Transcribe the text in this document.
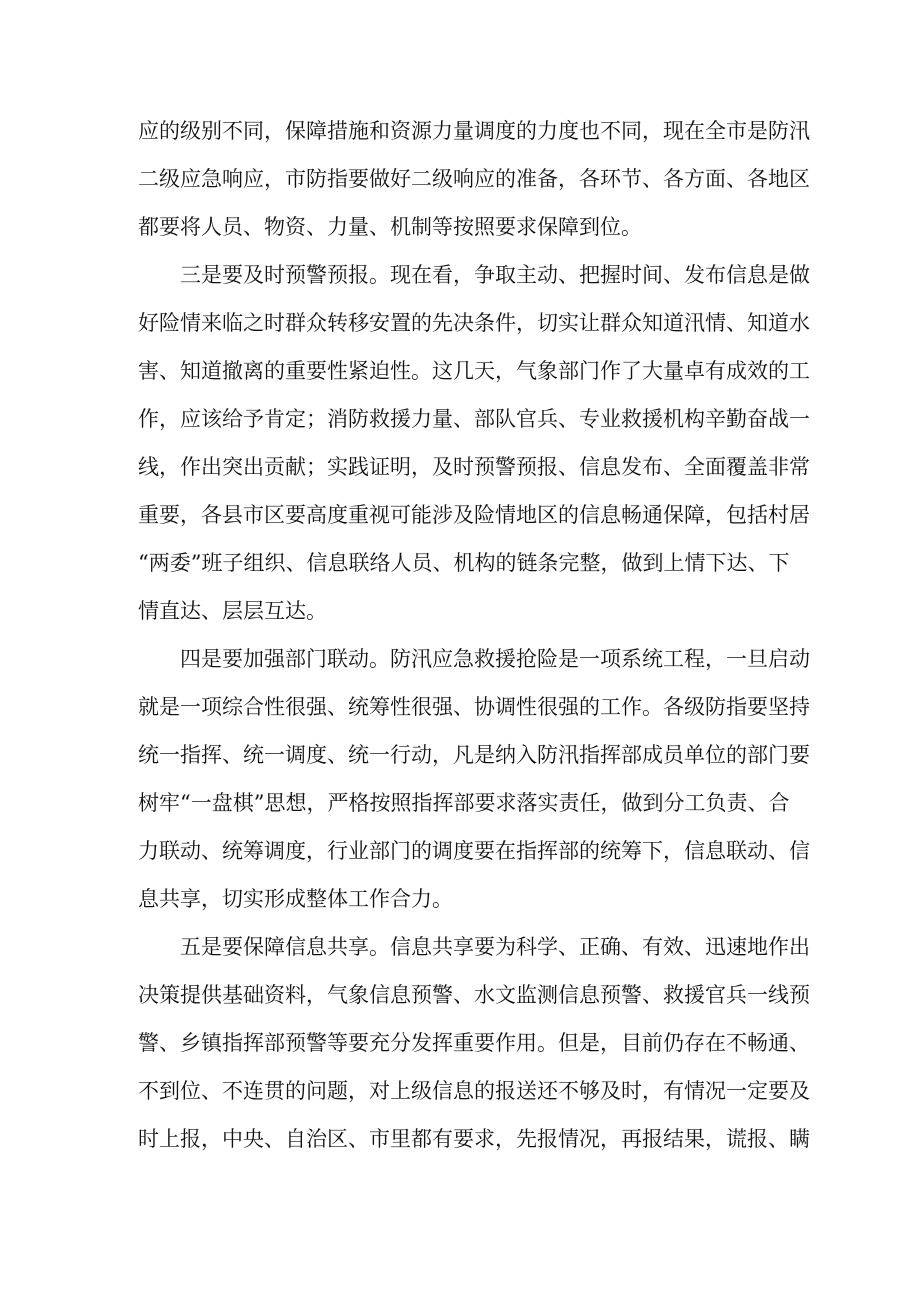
应的级别不同，保障措施和资源力量调度的力度也不同，现在全市是防汛
二级应急响应，市防指要做好二级响应的准备，各环节、各方面、各地区
都要将人员、物资、力量、机制等按照要求保障到位。
三是要及时预警预报。现在看，争取主动、把握时间、发布信息是做
好险情来临之时群众转移安置的先决条件，切实让群众知道汛情、知道水
害、知道撤离的重要性紧迫性。这几天，气象部门作了大量卓有成效的工
作，应该给予肯定；消防救援力量、部队官兵、专业救援机构辛勤奋战一
线，作出突出贡献；实践证明，及时预警预报、信息发布、全面覆盖非常
重要，各县市区要高度重视可能涉及险情地区的信息畅通保障，包括村居
“两委”班子组织、信息联络人员、机构的链条完整，做到上情下达、下
情直达、层层互达。
四是要加强部门联动。防汛应急救援抢险是一项系统工程，一旦启动
就是一项综合性很强、统筹性很强、协调性很强的工作。各级防指要坚持
统一指挥、统一调度、统一行动，凡是纳入防汛指挥部成员单位的部门要
树牢“一盘棋”思想，严格按照指挥部要求落实责任，做到分工负责、合
力联动、统筹调度，行业部门的调度要在指挥部的统筹下，信息联动、信
息共享，切实形成整体工作合力。
五是要保障信息共享。信息共享要为科学、正确、有效、迅速地作出
决策提供基础资料，气象信息预警、水文监测信息预警、救援官兵一线预
警、乡镇指挥部预警等要充分发挥重要作用。但是，目前仍存在不畅通、
不到位、不连贯的问题，对上级信息的报送还不够及时，有情况一定要及
时上报，中央、自治区、市里都有要求，先报情况，再报结果，谎报、瞒
